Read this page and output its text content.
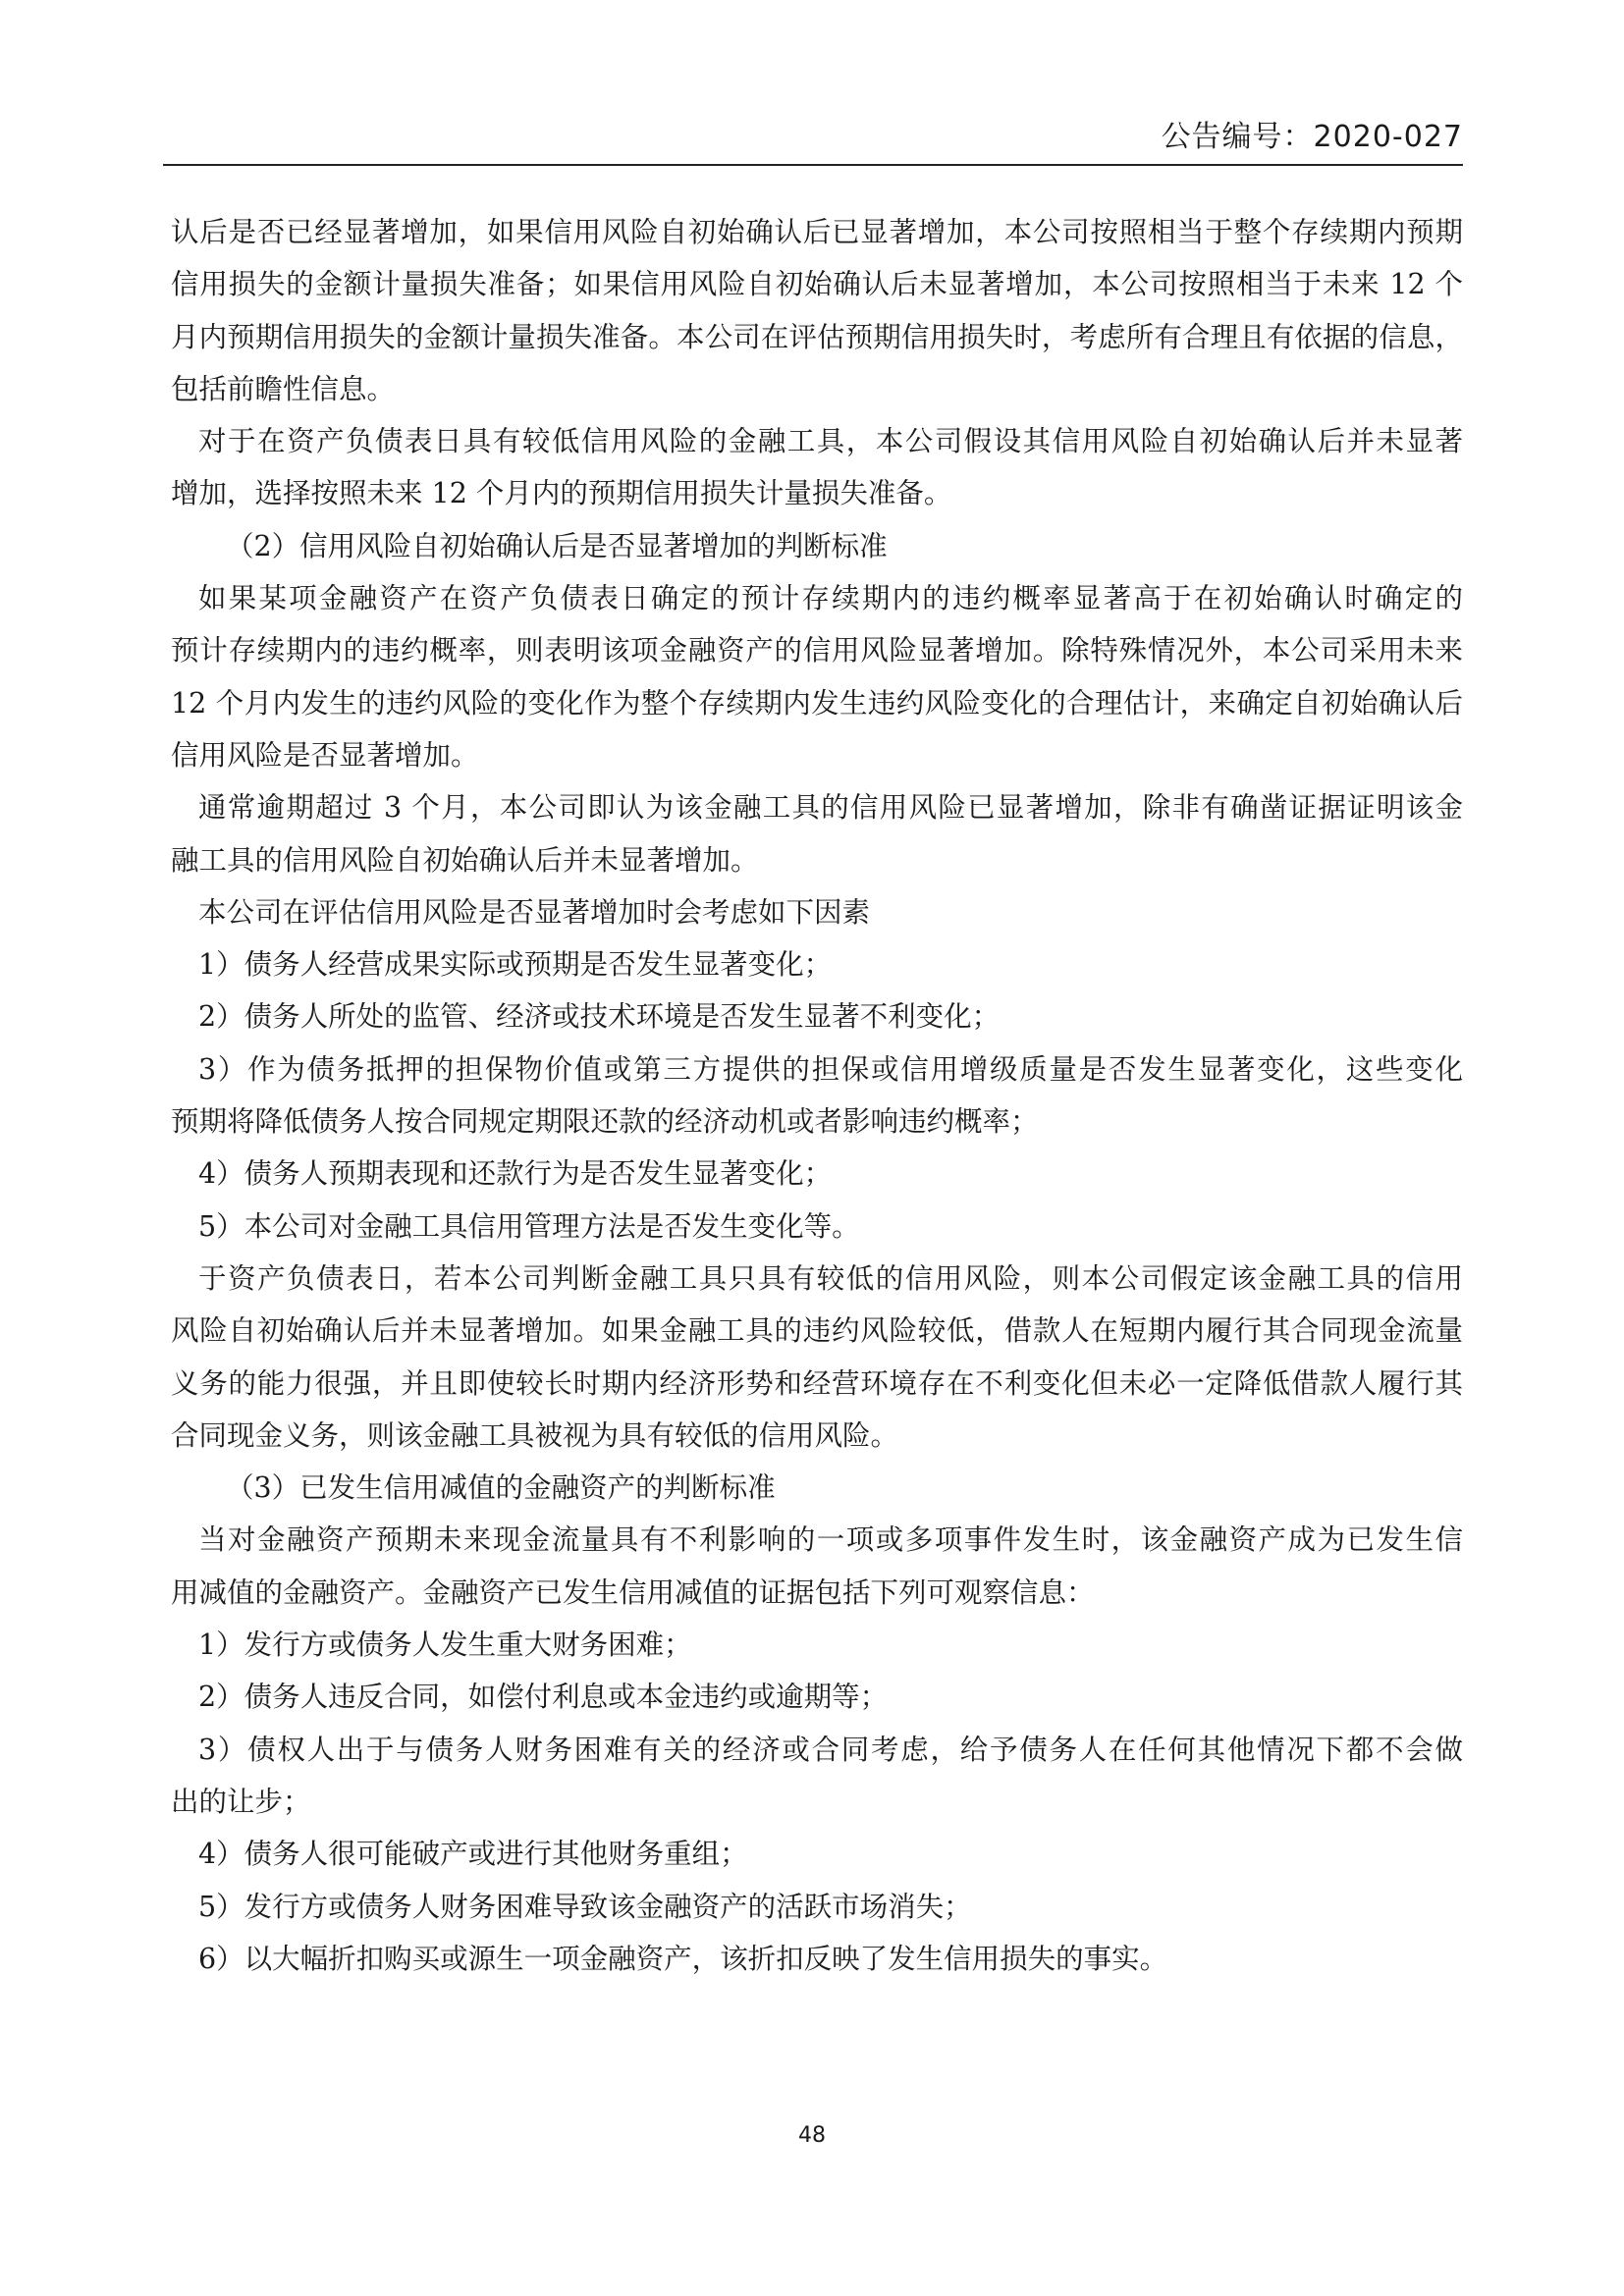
公告编号：2020-027
认后是否已经显著增加，如果信用风险自初始确认后已显著增加，本公司按照相当于整个存续期内预期
信用损失的金额计量损失准备；如果信用风险自初始确认后未显著增加，本公司按照相当于未来 12 个
月内预期信用损失的金额计量损失准备。本公司在评估预期信用损失时，考虑所有合理且有依据的信息，
包括前瞻性信息。
对于在资产负债表日具有较低信用风险的金融工具，本公司假设其信用风险自初始确认后并未显著
增加，选择按照未来 12 个月内的预期信用损失计量损失准备。
（2）信用风险自初始确认后是否显著增加的判断标准
如果某项金融资产在资产负债表日确定的预计存续期内的违约概率显著高于在初始确认时确定的
预计存续期内的违约概率，则表明该项金融资产的信用风险显著增加。除特殊情况外，本公司采用未来
12 个月内发生的违约风险的变化作为整个存续期内发生违约风险变化的合理估计，来确定自初始确认后
信用风险是否显著增加。
通常逾期超过 3 个月，本公司即认为该金融工具的信用风险已显著增加，除非有确凿证据证明该金
融工具的信用风险自初始确认后并未显著增加。
本公司在评估信用风险是否显著增加时会考虑如下因素
1）债务人经营成果实际或预期是否发生显著变化；
2）债务人所处的监管、经济或技术环境是否发生显著不利变化；
3）作为债务抵押的担保物价值或第三方提供的担保或信用增级质量是否发生显著变化，这些变化
预期将降低债务人按合同规定期限还款的经济动机或者影响违约概率；
4）债务人预期表现和还款行为是否发生显著变化；
5）本公司对金融工具信用管理方法是否发生变化等。
于资产负债表日，若本公司判断金融工具只具有较低的信用风险，则本公司假定该金融工具的信用
风险自初始确认后并未显著增加。如果金融工具的违约风险较低，借款人在短期内履行其合同现金流量
义务的能力很强，并且即使较长时期内经济形势和经营环境存在不利变化但未必一定降低借款人履行其
合同现金义务，则该金融工具被视为具有较低的信用风险。
（3）已发生信用减值的金融资产的判断标准
当对金融资产预期未来现金流量具有不利影响的一项或多项事件发生时，该金融资产成为已发生信
用减值的金融资产。金融资产已发生信用减值的证据包括下列可观察信息：
1）发行方或债务人发生重大财务困难；
2）债务人违反合同，如偿付利息或本金违约或逾期等；
3）债权人出于与债务人财务困难有关的经济或合同考虑，给予债务人在任何其他情况下都不会做
出的让步；
4）债务人很可能破产或进行其他财务重组；
5）发行方或债务人财务困难导致该金融资产的活跃市场消失；
6）以大幅折扣购买或源生一项金融资产，该折扣反映了发生信用损失的事实。
48
